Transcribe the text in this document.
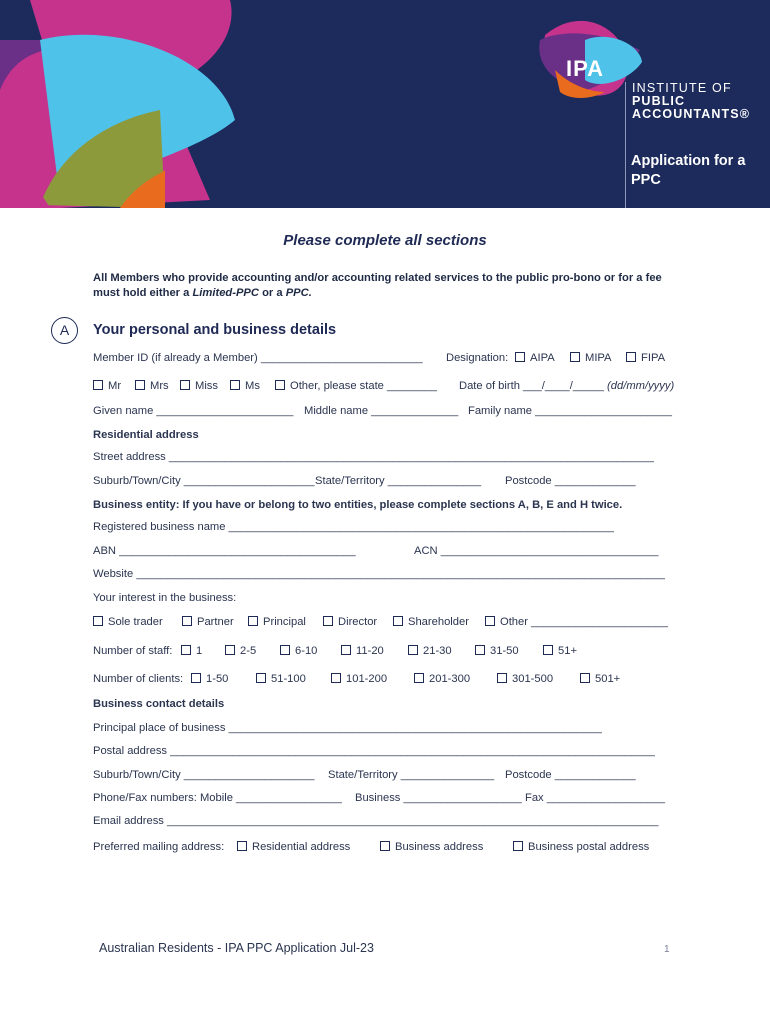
IPA
INSTITUTE OF
PUBLIC
ACCOUNTANTS®
Application for a PPC
Please complete all sections
All Members who provide accounting and/or accounting related services to the public pro-bono or for a fee must hold either a Limited-PPC or a PPC.
A	Your personal and business details
Member ID (if already a Member) __________________________ Designation:	AIPA	MIPA	FIPA
Mr	Mrs	Miss	Ms	Other, please state ________ Date of birth ___/____/_____ (dd/mm/yyyy)
Given name ______________________ Middle name ______________ Family name ______________________
Residential address
Street address ______________________________________________________________________________
Suburb/Town/City _____________________ State/Territory _______________ Postcode _____________
Business entity: If you have or belong to two entities, please complete sections A, B, E and H twice.
Registered business name ______________________________________________________________
ABN ______________________________________	ACN ___________________________________
Website _____________________________________________________________________________________
Your interest in the business:
Sole trader	Partner	Principal	Director	Shareholder	Other ______________________
Number of staff:	1	2-5	6-10	11-20	21-30	31-50	51+
Number of clients:	1-50	51-100	101-200	201-300	301-500	501+
Business contact details
Principal place of business ____________________________________________________________
Postal address ______________________________________________________________________________
Suburb/Town/City _____________________ State/Territory _______________ Postcode _____________
Phone/Fax numbers: Mobile _________________ Business ___________________ Fax ___________________
Email address _______________________________________________________________________________
Preferred mailing address:	Residential address	Business address	Business postal address
Australian Residents - IPA PPC Application Jul-23	1
